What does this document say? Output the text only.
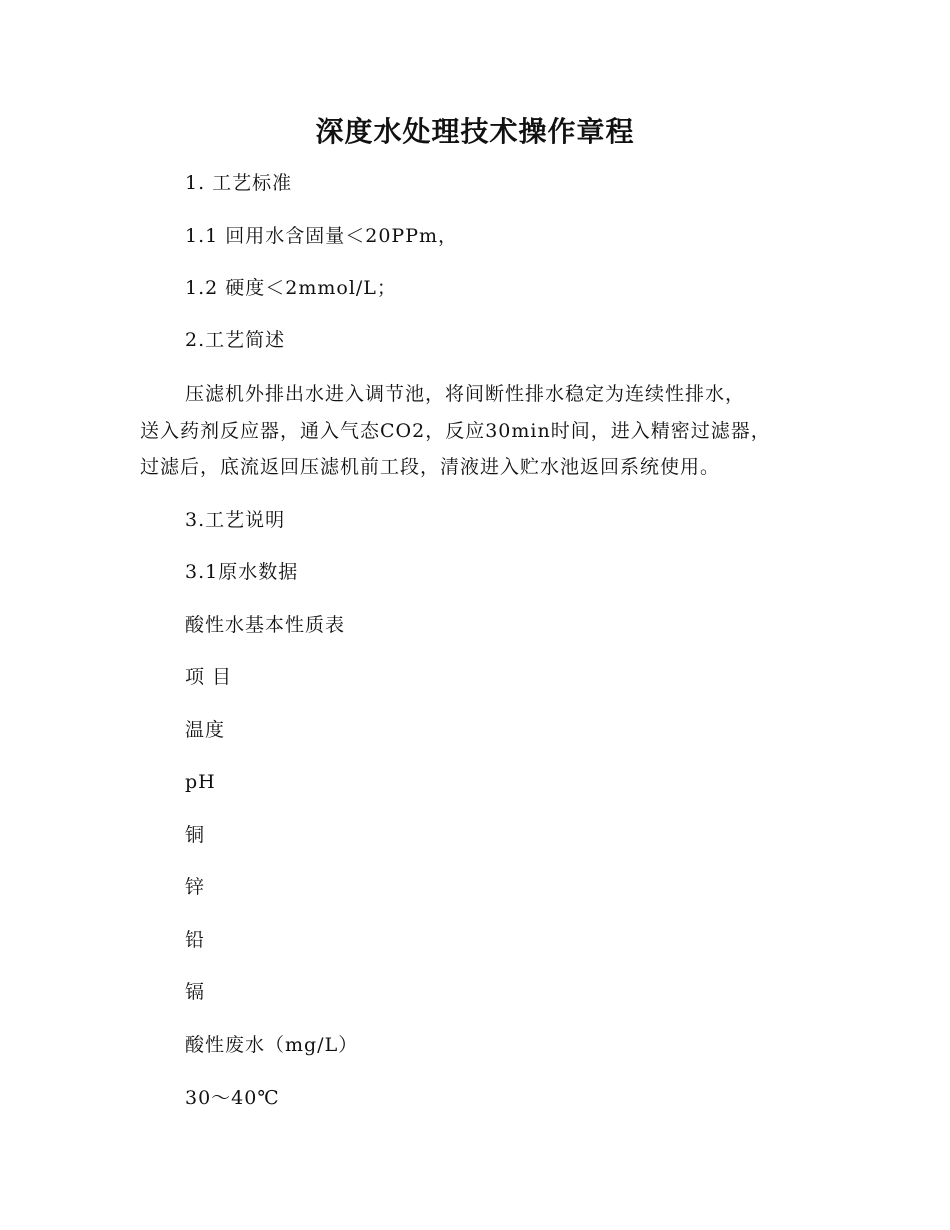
深度水处理技术操作章程
1. 工艺标准
1.1 回用水含固量＜20PPm，
1.2 硬度＜2mmol/L；
2.工艺简述
压滤机外排出水进入调节池，将间断性排水稳定为连续性排水，
送入药剂反应器，通入气态CO2，反应30min时间，进入精密过滤器，
过滤后，底流返回压滤机前工段，清液进入贮水池返回系统使用。
3.工艺说明
3.1原水数据
酸性水基本性质表
项 目
温度
pH
铜
锌
铅
镉
酸性废水（mg/L）
30～40℃
